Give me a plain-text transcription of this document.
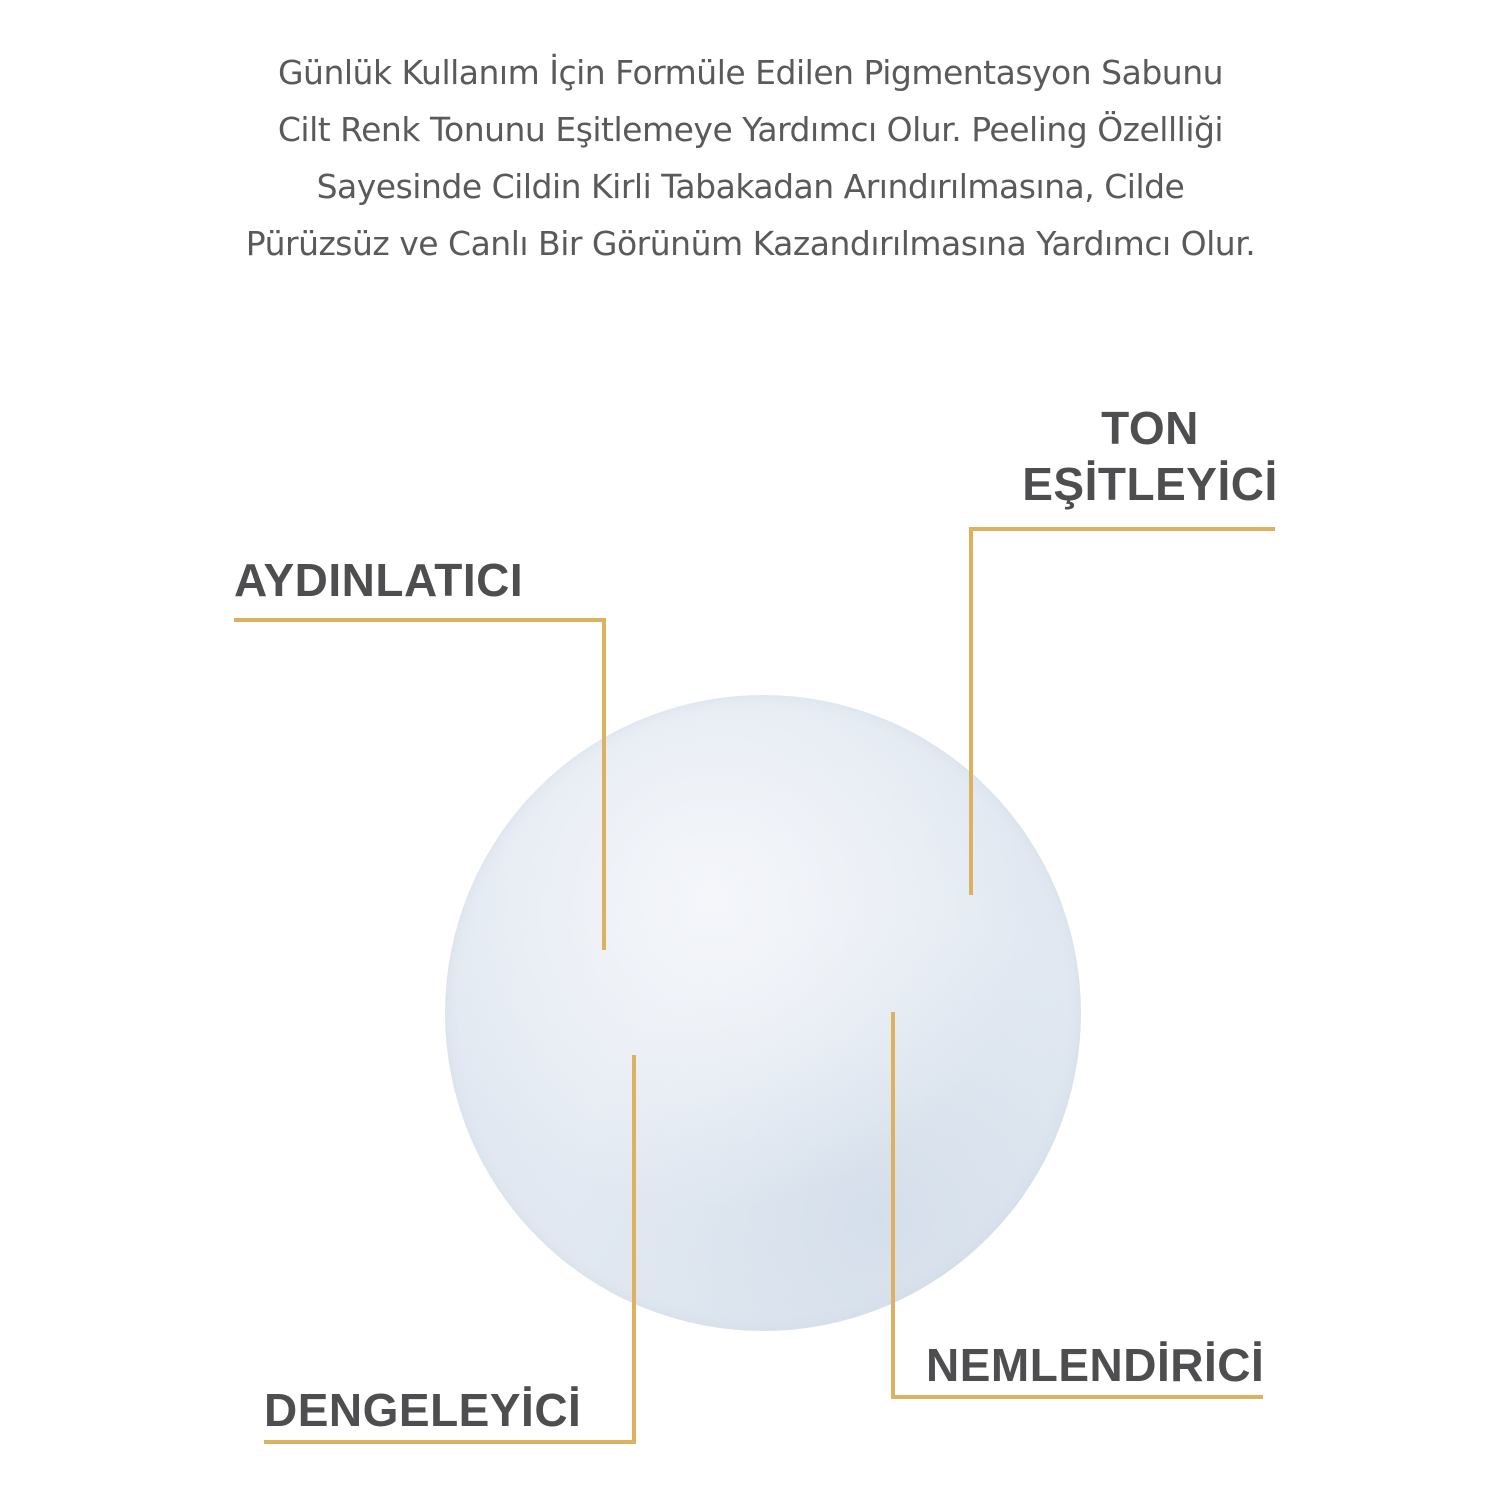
Günlük Kullanım İçin Formüle Edilen Pigmentasyon Sabunu
Cilt Renk Tonunu Eşitlemeye Yardımcı Olur. Peeling Özellliği
Sayesinde Cildin Kirli Tabakadan Arındırılmasına, Cilde
Pürüzsüz ve Canlı Bir Görünüm Kazandırılmasına Yardımcı Olur.
TON
EŞİTLEYİCİ
AYDINLATICI
NEMLENDİRİCİ
DENGELEYİCİ
